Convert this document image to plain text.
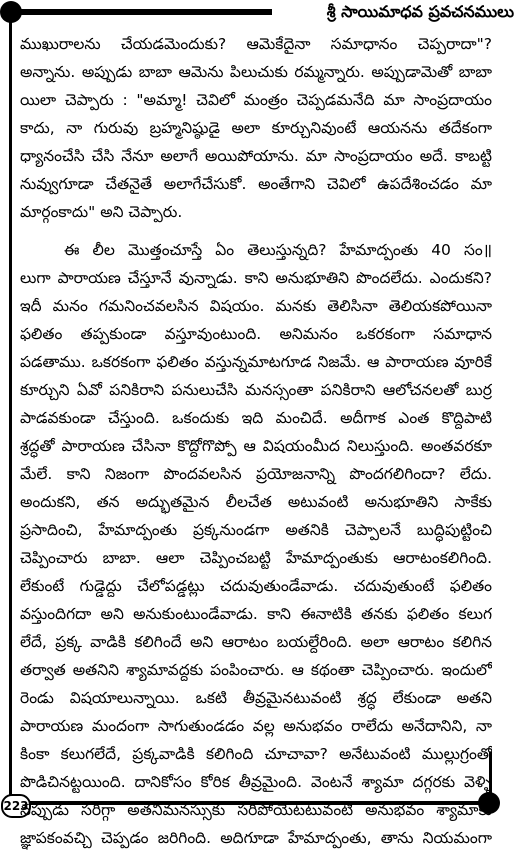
శ్రీ సాయిమాధవ ప్రవచనములు
223
ముఖురాలను చేయడమెందుకు? ఆమెకేదైనా సమాధానం చెప్పరాదా"?
అన్నాను. అప్పుడు బాబా ఆమెను పిలుచుకు రమ్మన్నారు. అప్పుడామెతో బాబా
యిలా చెప్పారు : "అమ్మా! చెవిలో మంత్రం చెప్పడమనేది మా సాంప్రదాయం
కాదు, నా గురువు బ్రహ్మనిష్ఠుడై అలా కూర్చునివుంటే ఆయనను తదేకంగా
ధ్యానంచేసి చేసి నేనూ అలాగే అయిపోయాను. మా సాంప్రదాయం అదే. కాబట్టి
నువ్వుగూడా చేతనైతే అలాగేచేసుకో. అంతేగాని చెవిలో ఉపదేశించడం మా
మార్గంకాదు" అని చెప్పారు.
ఈ లీల మొత్తంచూస్తే ఏం తెలుస్తున్నది? హేమాద్పంతు 40 సం॥
లుగా పారాయణ చేస్తూనే వున్నాడు. కాని అనుభూతిని పొందలేదు. ఎందుకని?
ఇదీ మనం గమనించవలసిన విషయం. మనకు తెలిసినా తెలియకపోయినా
ఫలితం తప్పకుండా వస్తూవుంటుంది. అనిమనం ఒకరకంగా సమాధాన
పడతాము. ఒకరకంగా ఫలితం వస్తున్నమాటగూడ నిజమే. ఆ పారాయణ వూరికే
కూర్చుని ఏవో పనికిరాని పనులుచేసి మనస్సంతా పనికిరాని ఆలోచనలతో బుర్ర
పాడవకుండా చేస్తుంది. ఒకందుకు ఇది మంచిదే. అదీగాక ఎంత కొద్దిపాటి
శ్రద్ధతో పారాయణ చేసినా కొద్దోగొప్పో ఆ విషయంమీద నిలుస్తుంది. అంతవరకూ
మేలే. కాని నిజంగా పొందవలసిన ప్రయోజనాన్ని పొందగలిగిందా? లేదు.
అందుకని, తన అద్భుతమైన లీలచేత అటువంటి అనుభూతిని సాకేకు
ప్రసాదించి, హేమాద్పంతు ప్రక్కనుండగా అతనికి చెప్పాలనే బుద్ధిపుట్టించి
చెప్పించారు బాబా. ఆలా చెప్పించబట్టి హేమాద్పంతుకు ఆరాటంకలిగింది.
లేకుంటే గుడ్డెద్దు చేలోపడ్డట్లు చదువుతుండేవాడు. చదువుతుంటే ఫలితం
వస్తుందిగదా అని అనుకుంటుండేవాడు. కాని ఈనాటికి తనకు ఫలితం కలుగ
లేదే, ప్రక్క వాడికి కలిగిందే అని ఆరాటం బయల్దేరింది. అలా ఆరాటం కలిగిన
తర్వాత అతనిని శ్యామావద్దకు పంపించారు. ఆ కథంతా చెప్పించారు. ఇందులో
రెండు విషయాలున్నాయి. ఒకటి తీవ్రమైనటువంటి శ్రద్ధ లేకుండా అతని
పారాయణ మందంగా సాగుతుండడం వల్ల అనుభవం రాలేదు అనేదానిని, నా
కింకా కలుగలేదే, ప్రక్కవాడికి కలిగింది చూచావా? అనేటువంటి ముల్లుగ్రంతో
పొడిచినట్టయింది. దానికోసం కోరిక తీవ్రమైంది. వెంటనే శ్యామా దగ్గరకు వెళ్ళి
నప్పుడు సరిగ్గా అతనిమనస్సుకు సరిపోయేటటువంటి అనుభవం శ్యామాకు
జ్ఞాపకంవచ్చి చెప్పడం జరిగింది. అదిగూడా హేమాద్పంతు, తాను నియమంగా
